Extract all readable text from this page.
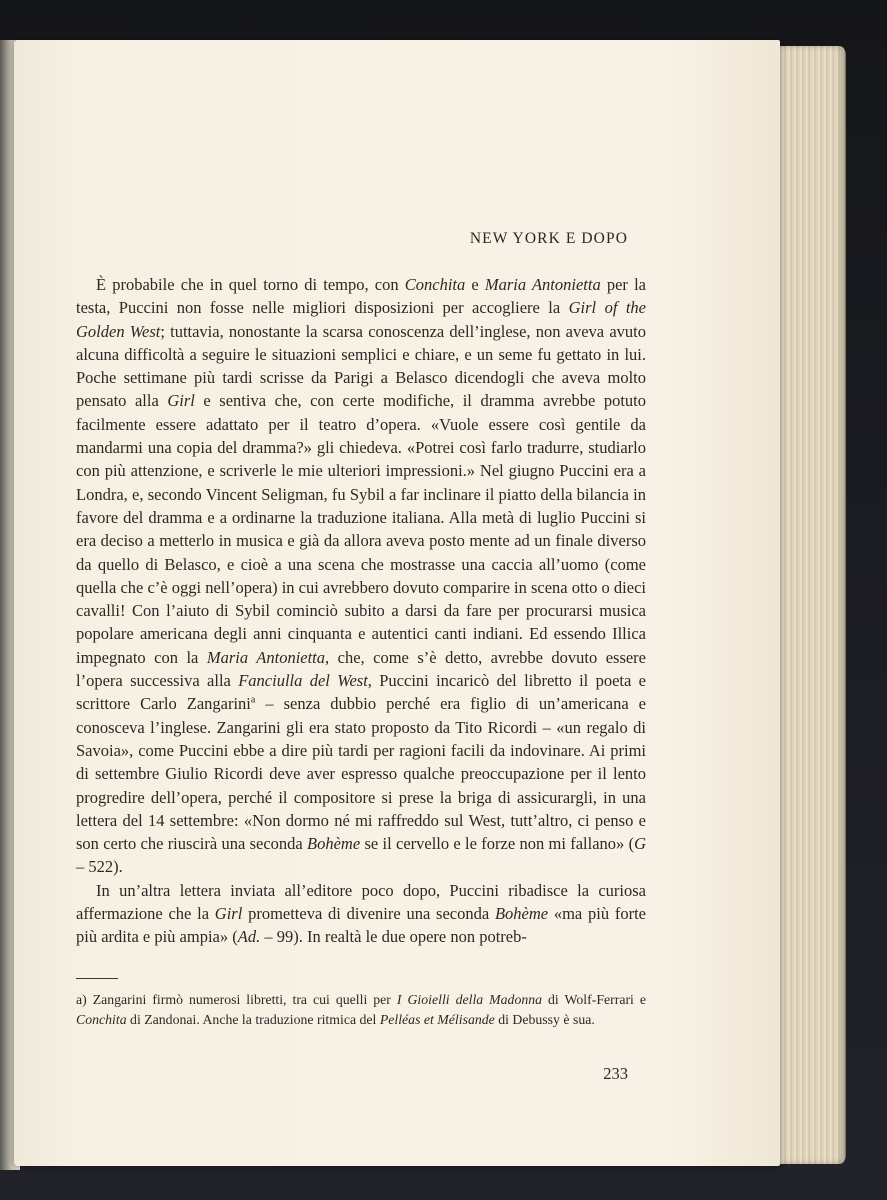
NEW YORK E DOPO

È probabile che in quel torno di tempo, con Conchita e Maria Antonietta per la testa, Puccini non fosse nelle migliori disposizioni per accogliere la Girl of the Golden West; tuttavia, nonostante la scarsa conoscenza dell’inglese, non aveva avuto alcuna difficoltà a seguire le situazioni semplici e chiare, e un seme fu gettato in lui. Poche settimane più tardi scrisse da Parigi a Belasco dicendogli che aveva molto pensato alla Girl e sentiva che, con certe modifiche, il dramma avrebbe potuto facilmente essere adattato per il teatro d’opera. «Vuole essere così gentile da mandarmi una copia del dramma?» gli chiedeva. «Potrei così farlo tradurre, studiarlo con più attenzione, e scriverle le mie ulteriori impressioni.» Nel giugno Puccini era a Londra, e, secondo Vincent Seligman, fu Sybil a far inclinare il piatto della bilancia in favore del dramma e a ordinarne la traduzione italiana. Alla metà di luglio Puccini si era deciso a metterlo in musica e già da allora aveva posto mente ad un finale diverso da quello di Belasco, e cioè a una scena che mostrasse una caccia all’uomo (come quella che c’è oggi nell’opera) in cui avrebbero dovuto comparire in scena otto o dieci cavalli! Con l’aiuto di Sybil cominciò subito a darsi da fare per procurarsi musica popolare americana degli anni cinquanta e autentici canti indiani. Ed essendo Illica impegnato con la Maria Antonietta, che, come s’è detto, avrebbe dovuto essere l’opera successiva alla Fanciulla del West, Puccini incaricò del libretto il poeta e scrittore Carlo Zangarini$^a$ – senza dubbio perché era figlio di un’americana e conosceva l’inglese. Zangarini gli era stato proposto da Tito Ricordi – «un regalo di Savoia», come Puccini ebbe a dire più tardi per ragioni facili da indovinare. Ai primi di settembre Giulio Ricordi deve aver espresso qualche preoccupazione per il lento progredire dell’opera, perché il compositore si prese la briga di assicurargli, in una lettera del 14 settembre: «Non dormo né mi raffreddo sul West, tutt’altro, ci penso e son certo che riuscirà una seconda Bohème se il cervello e le forze non mi fallano» (G – 522).

In un’altra lettera inviata all’editore poco dopo, Puccini ribadisce la curiosa affermazione che la Girl prometteva di divenire una seconda Bohème «ma più forte più ardita e più ampia» (Ad. – 99). In realtà le due opere non potreb-

a) Zangarini firmò numerosi libretti, tra cui quelli per I Gioielli della Madonna di Wolf-Ferrari e Conchita di Zandonai. Anche la traduzione ritmica del Pelléas et Mélisande di Debussy è sua.

233
